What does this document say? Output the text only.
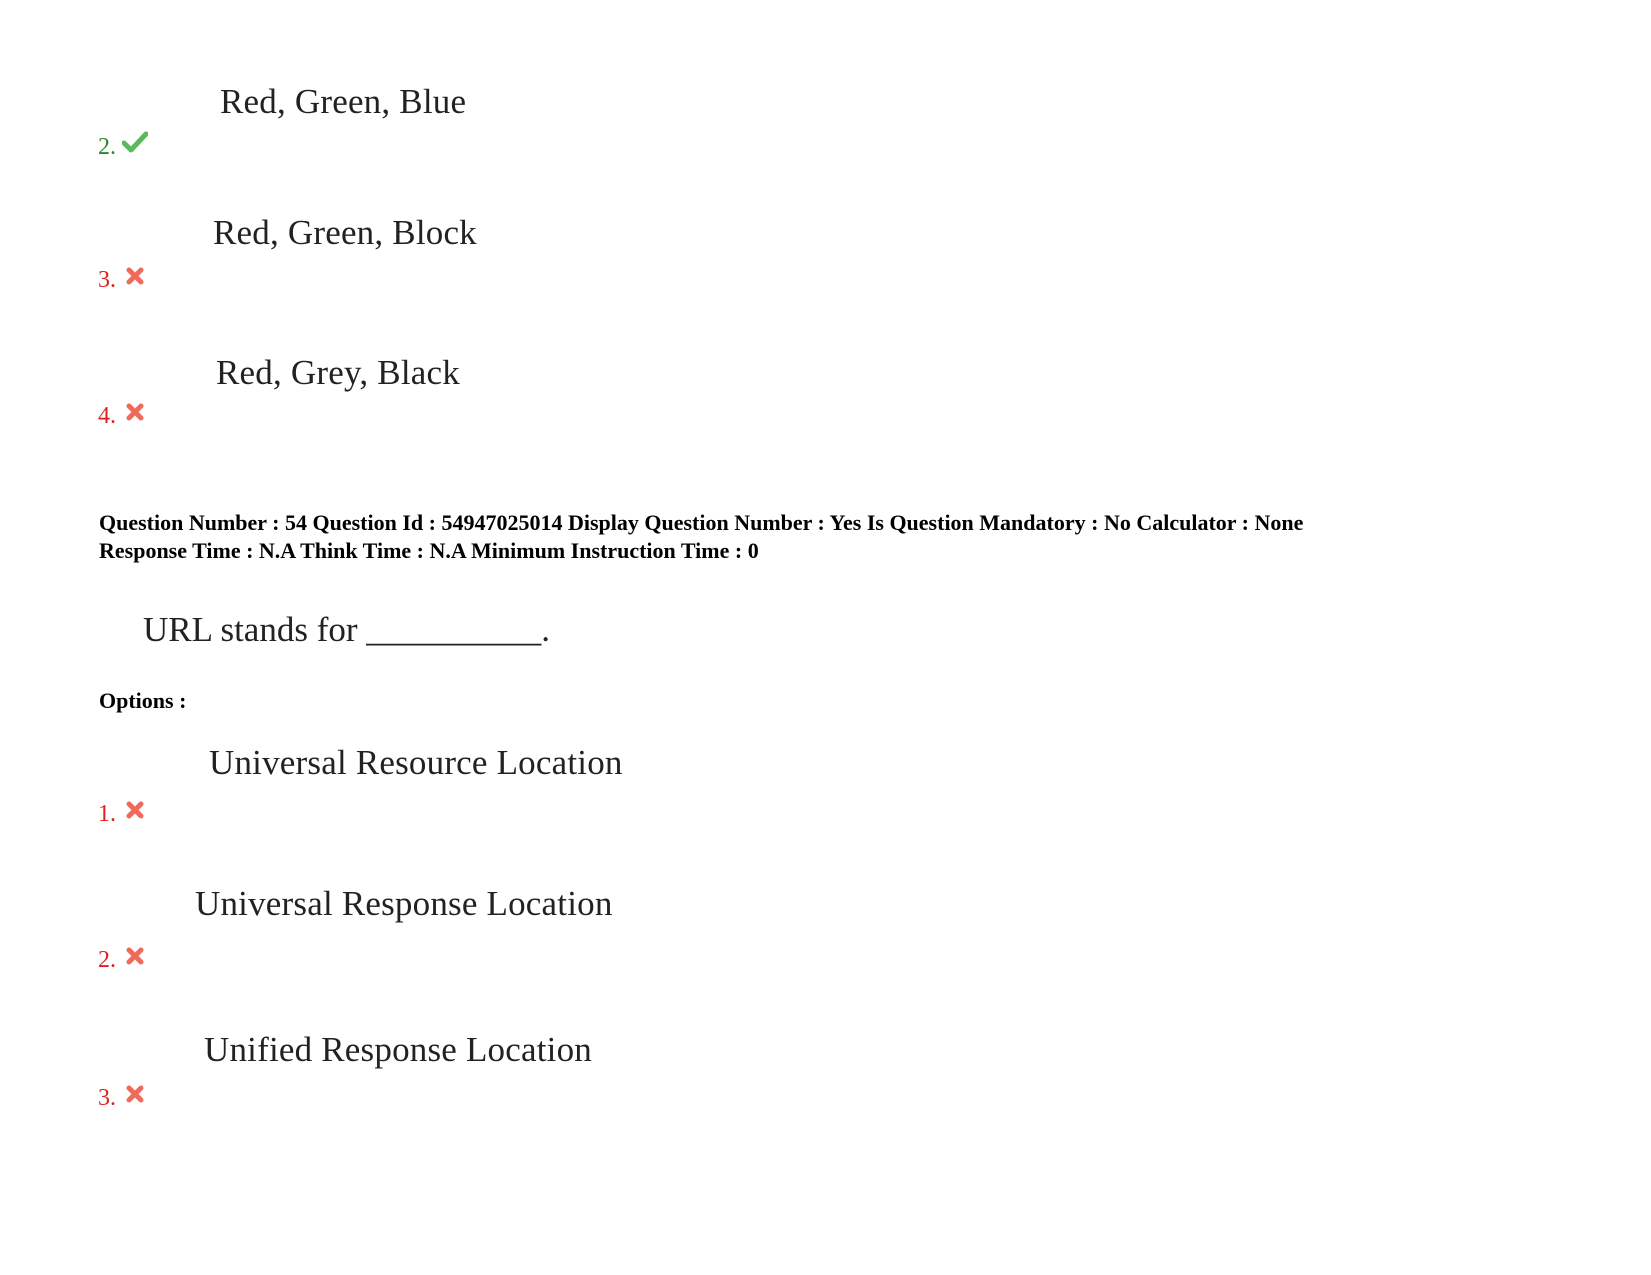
Red, Green, Blue
2.
Red, Green, Block
3.
Red, Grey, Black
4.
Question Number : 54 Question Id : 54947025014 Display Question Number : Yes Is Question Mandatory : No Calculator : None
Response Time : N.A Think Time : N.A Minimum Instruction Time : 0
URL stands for __________.
Options :
Universal Resource Location
1.
Universal Response Location
2.
Unified Response Location
3.
